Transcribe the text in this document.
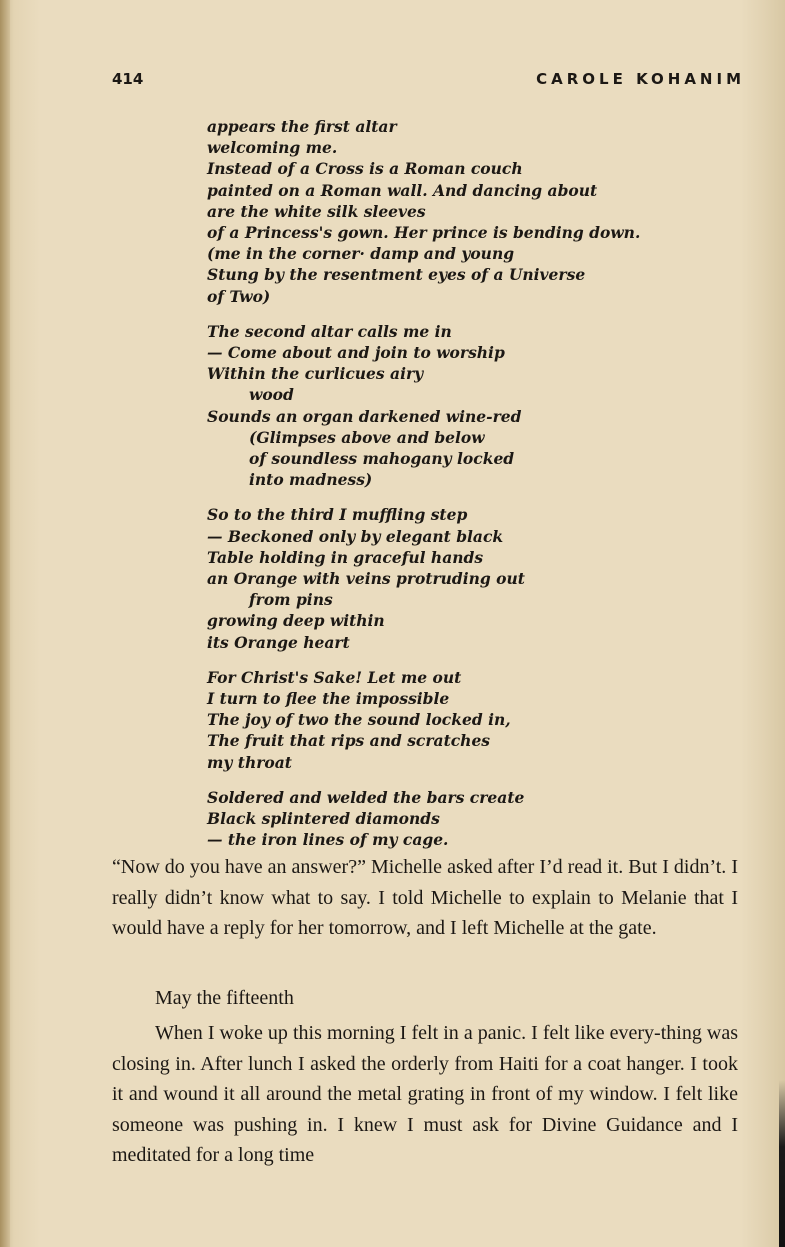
414	CAROLE KOHANIM
appears the first altar
welcoming me.
Instead of a Cross is a Roman couch
painted on a Roman wall. And dancing about
are the white silk sleeves
of a Princess's gown. Her prince is bending down.
(me in the corner· damp and young
Stung by the resentment eyes of a Universe
of Two)
The second altar calls me in
— Come about and join to worship
Within the curlicues airy
wood
Sounds an organ darkened wine-red
(Glimpses above and below
of soundless mahogany locked
into madness)
So to the third I muffling step
— Beckoned only by elegant black
Table holding in graceful hands
an Orange with veins protruding out
from pins
growing deep within
its Orange heart
For Christ's Sake! Let me out
I turn to flee the impossible
The joy of two the sound locked in,
The fruit that rips and scratches
my throat
Soldered and welded the bars create
Black splintered diamonds
— the iron lines of my cage.

“Now do you have an answer?” Michelle asked after I’d read it. But I didn’t. I really didn’t know what to say. I told Michelle to explain to Melanie that I would have a reply for her tomorrow, and I left Michelle at the gate.

May the fifteenth

When I woke up this morning I felt in a panic. I felt like every-thing was closing in. After lunch I asked the orderly from Haiti for a coat hanger. I took it and wound it all around the metal grating in front of my window. I felt like someone was pushing in. I knew I must ask for Divine Guidance and I meditated for a long time
